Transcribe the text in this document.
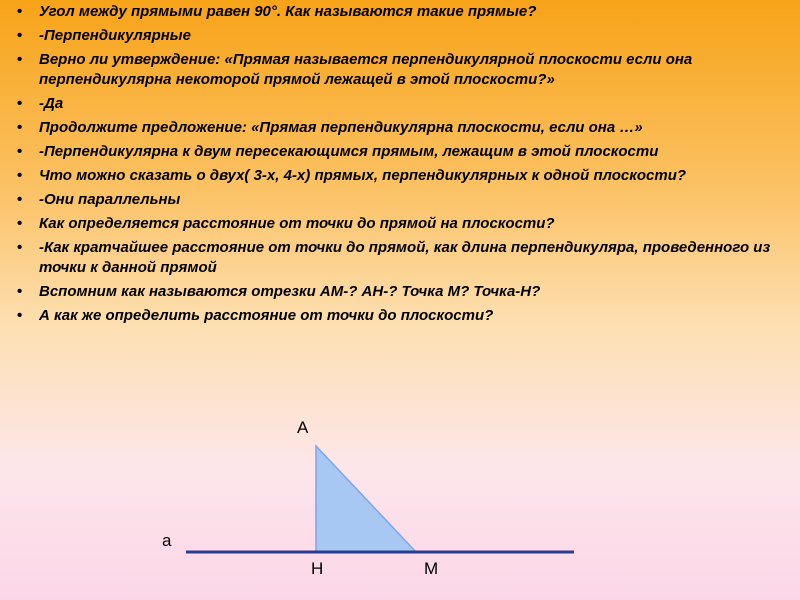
• Угол между прямыми равен 90°. Как называются такие прямые?
• -Перпендикулярные
• Верно ли утверждение: «Прямая называется перпендикулярной плоскости если она перпендикулярна некоторой прямой лежащей в этой плоскости?»
• -Да
• Продолжите предложение: «Прямая перпендикулярна плоскости, если она …»
• -Перпендикулярна к двум пересекающимся прямым, лежащим в этой плоскости
• Что можно сказать о двух( 3-х, 4-х) прямых, перпендикулярных к одной плоскости?
• -Они параллельны
• Как определяется расстояние от точки до прямой на плоскости?
• -Как кратчайшее расстояние от точки до прямой, как длина перпендикуляра, проведенного из точки к данной прямой
• Вспомним как называются отрезки АМ-? АН-? Точка М? Точка-Н?
• А как же определить расстояние от точки до плоскости?
A
a
H	M
